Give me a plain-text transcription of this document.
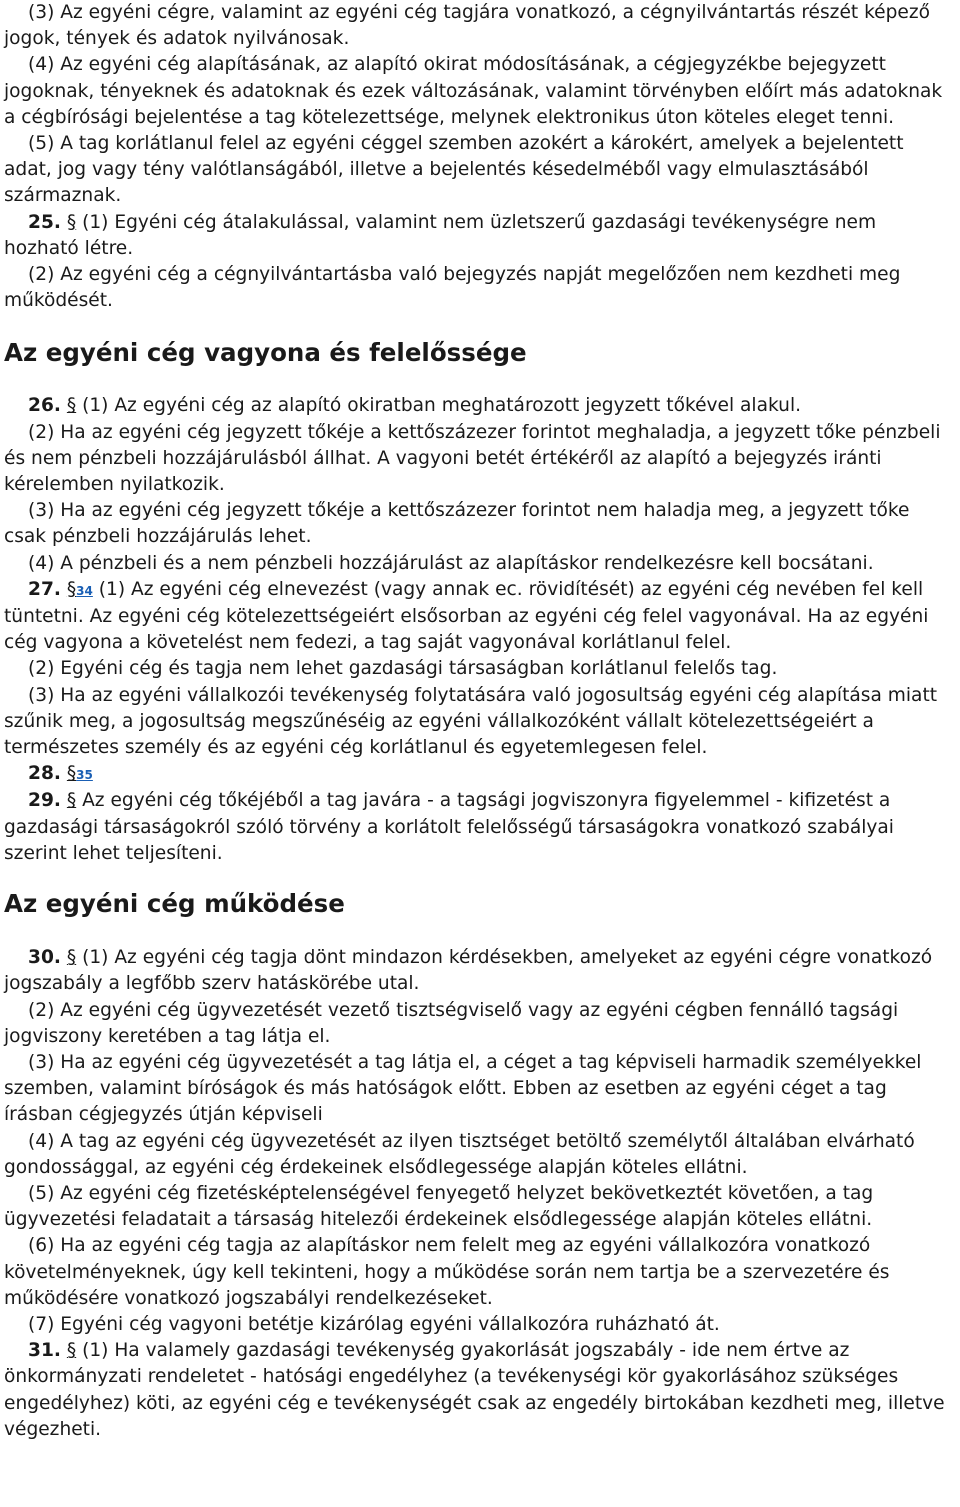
(3) Az egyéni cégre, valamint az egyéni cég tagjára vonatkozó, a cégnyilvántartás részét képező jogok, tények és adatok nyilvánosak.

(4) Az egyéni cég alapításának, az alapító okirat módosításának, a cégjegyzékbe bejegyzett jogoknak, tényeknek és adatoknak és ezek változásának, valamint törvényben előírt más adatoknak a cégbírósági bejelentése a tag kötelezettsége, melynek elektronikus úton köteles eleget tenni.

(5) A tag korlátlanul felel az egyéni céggel szemben azokért a károkért, amelyek a bejelentett adat, jog vagy tény valótlanságából, illetve a bejelentés késedelméből vagy elmulasztásából származnak.

25. § (1) Egyéni cég átalakulással, valamint nem üzletszerű gazdasági tevékenységre nem hozható létre.

(2) Az egyéni cég a cégnyilvántartásba való bejegyzés napját megelőzően nem kezdheti meg működését.

Az egyéni cég vagyona és felelőssége

26. § (1) Az egyéni cég az alapító okiratban meghatározott jegyzett tőkével alakul.

(2) Ha az egyéni cég jegyzett tőkéje a kettőszázezer forintot meghaladja, a jegyzett tőke pénzbeli és nem pénzbeli hozzájárulásból állhat. A vagyoni betét értékéről az alapító a bejegyzés iránti kérelemben nyilatkozik.

(3) Ha az egyéni cég jegyzett tőkéje a kettőszázezer forintot nem haladja meg, a jegyzett tőke csak pénzbeli hozzájárulás lehet.

(4) A pénzbeli és a nem pénzbeli hozzájárulást az alapításkor rendelkezésre kell bocsátani.

27. §34 (1) Az egyéni cég elnevezést (vagy annak ec. rövidítését) az egyéni cég nevében fel kell tüntetni. Az egyéni cég kötelezettségeiért elsősorban az egyéni cég felel vagyonával. Ha az egyéni cég vagyona a követelést nem fedezi, a tag saját vagyonával korlátlanul felel.

(2) Egyéni cég és tagja nem lehet gazdasági társaságban korlátlanul felelős tag.

(3) Ha az egyéni vállalkozói tevékenység folytatására való jogosultság egyéni cég alapítása miatt szűnik meg, a jogosultság megszűnéséig az egyéni vállalkozóként vállalt kötelezettségeiért a természetes személy és az egyéni cég korlátlanul és egyetemlegesen felel.

28. §35

29. § Az egyéni cég tőkéjéből a tag javára - a tagsági jogviszonyra figyelemmel - kifizetést a gazdasági társaságokról szóló törvény a korlátolt felelősségű társaságokra vonatkozó szabályai szerint lehet teljesíteni.

Az egyéni cég működése

30. § (1) Az egyéni cég tagja dönt mindazon kérdésekben, amelyeket az egyéni cégre vonatkozó jogszabály a legfőbb szerv hatáskörébe utal.

(2) Az egyéni cég ügyvezetését vezető tisztségviselő vagy az egyéni cégben fennálló tagsági jogviszony keretében a tag látja el.

(3) Ha az egyéni cég ügyvezetését a tag látja el, a céget a tag képviseli harmadik személyekkel szemben, valamint bíróságok és más hatóságok előtt. Ebben az esetben az egyéni céget a tag írásban cégjegyzés útján képviseli

(4) A tag az egyéni cég ügyvezetését az ilyen tisztséget betöltő személytől általában elvárható gondossággal, az egyéni cég érdekeinek elsődlegessége alapján köteles ellátni.

(5) Az egyéni cég fizetésképtelenségével fenyegető helyzet bekövetkeztét követően, a tag ügyvezetési feladatait a társaság hitelezői érdekeinek elsődlegessége alapján köteles ellátni.

(6) Ha az egyéni cég tagja az alapításkor nem felelt meg az egyéni vállalkozóra vonatkozó követelményeknek, úgy kell tekinteni, hogy a működése során nem tartja be a szervezetére és működésére vonatkozó jogszabályi rendelkezéseket.

(7) Egyéni cég vagyoni betétje kizárólag egyéni vállalkozóra ruházható át.

31. § (1) Ha valamely gazdasági tevékenység gyakorlását jogszabály - ide nem értve az önkormányzati rendeletet - hatósági engedélyhez (a tevékenységi kör gyakorlásához szükséges engedélyhez) köti, az egyéni cég e tevékenységét csak az engedély birtokában kezdheti meg, illetve végezheti.
